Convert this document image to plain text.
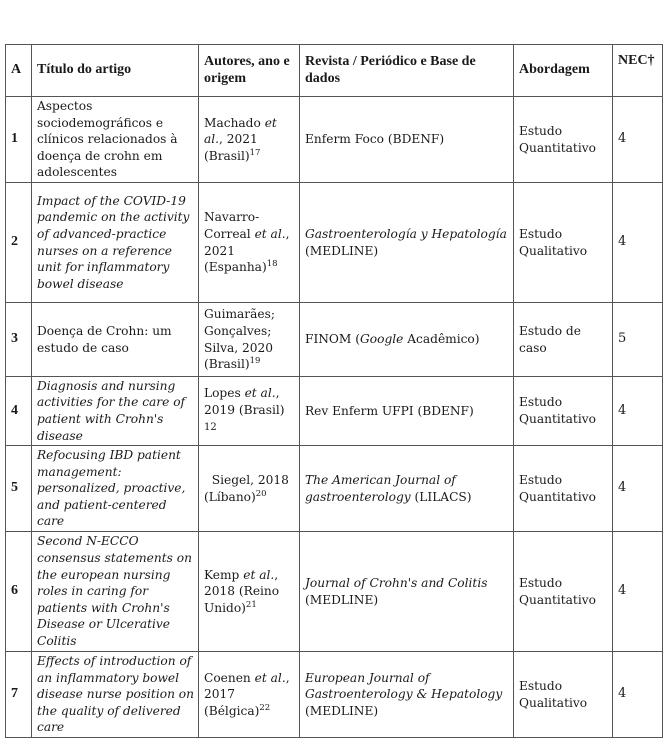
A	Título do artigo	Autores, ano e origem	Revista / Periódico e Base de dados	Abordagem	NEC†
1	Aspectos sociodemográficos e clínicos relacionados à doença de crohn em adolescentes	Machado et al., 2021 (Brasil)$^{17}$	Enferm Foco (BDENF)	Estudo Quantitativo	4
2	Impact of the COVID-19 pandemic on the activity of advanced-practice nurses on a reference unit for inflammatory bowel disease	Navarro-Correal et al., 2021 (Espanha)$^{18}$	Gastroenterología y Hepatología (MEDLINE)	Estudo Qualitativo	4
3	Doença de Crohn: um estudo de caso	Guimarães; Gonçalves; Silva, 2020 (Brasil)$^{19}$	FINOM (Google Acadêmico)	Estudo de caso	5
4	Diagnosis and nursing activities for the care of patient with Crohn's disease	Lopes et al., 2019 (Brasil) 12	Rev Enferm UFPI (BDENF)	Estudo Quantitativo	4
5	Refocusing IBD patient management: personalized, proactive, and patient-centered care	Siegel, 2018 (Líbano)$^{20}$	The American Journal of gastroenterology (LILACS)	Estudo Quantitativo	4
6	Second N-ECCO consensus statements on the european nursing roles in caring for patients with Crohn's Disease or Ulcerative Colitis	Kemp et al., 2018 (Reino Unido)$^{21}$	Journal of Crohn's and Colitis (MEDLINE)	Estudo Quantitativo	4
7	Effects of introduction of an inflammatory bowel disease nurse position on the quality of delivered care	Coenen et al., 2017 (Bélgica)$^{22}$	European Journal of Gastroenterology & Hepatology (MEDLINE)	Estudo Qualitativo	4
